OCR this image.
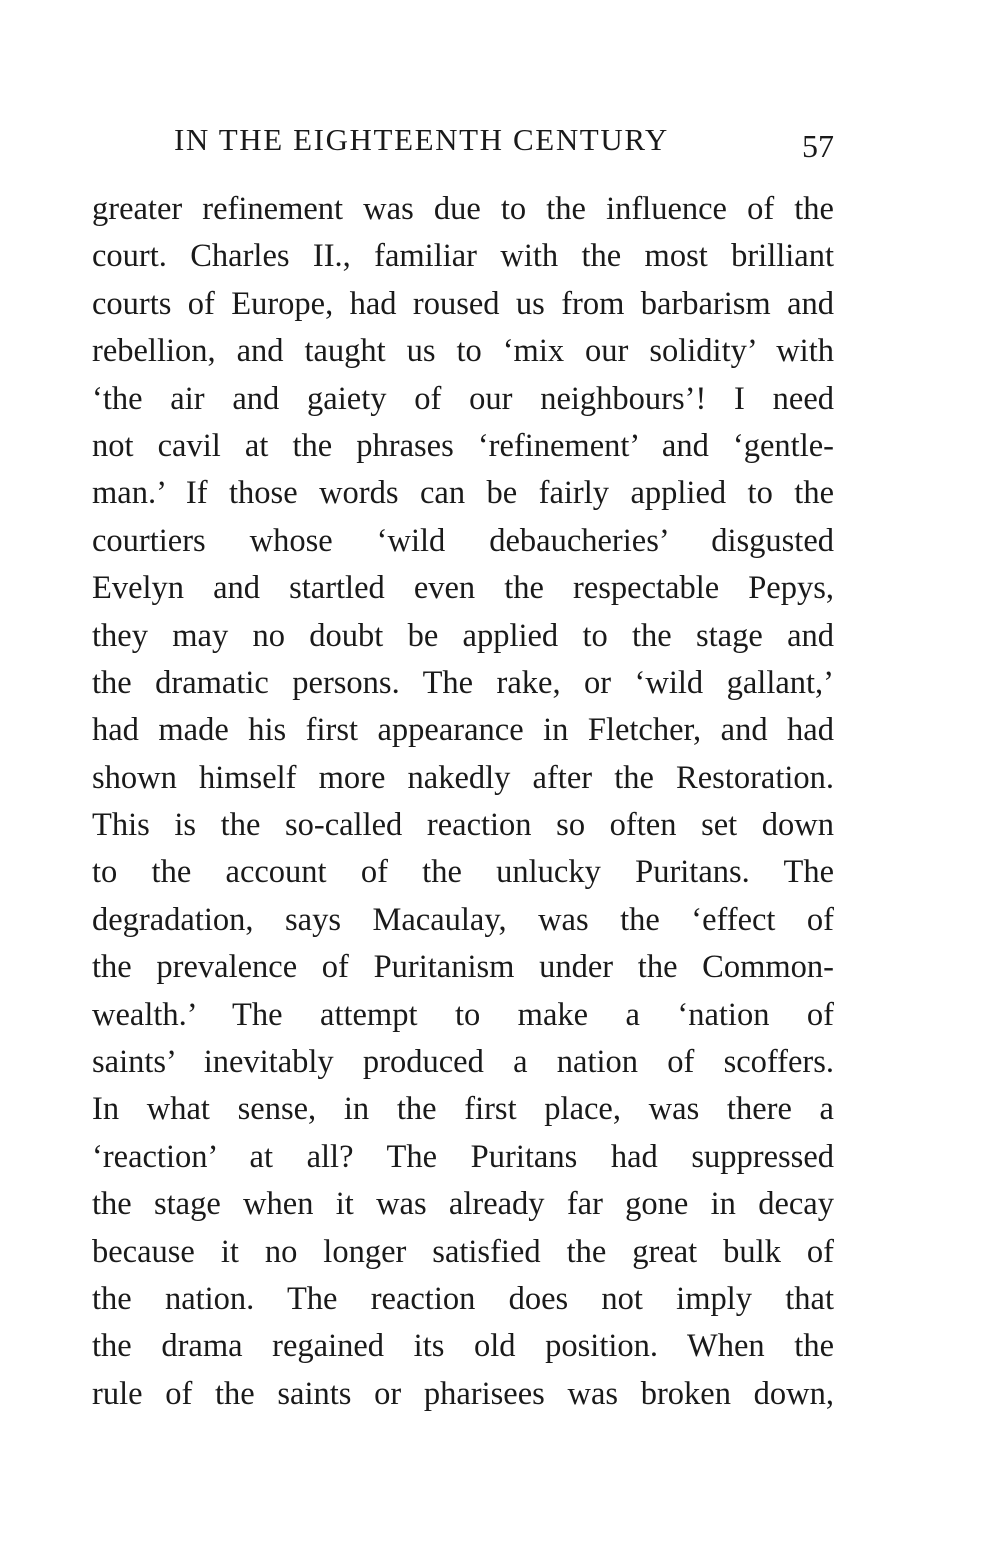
IN THE EIGHTEENTH CENTURY	57
greater refinement was due to the influence of the
court. Charles II., familiar with the most brilliant
courts of Europe, had roused us from barbarism and
rebellion, and taught us to ‘mix our solidity’ with
‘the air and gaiety of our neighbours’! I need
not cavil at the phrases ‘refinement’ and ‘gentle-
man.’ If those words can be fairly applied to the
courtiers whose ‘wild debaucheries’ disgusted
Evelyn and startled even the respectable Pepys,
they may no doubt be applied to the stage and
the dramatic persons. The rake, or ‘wild gallant,’
had made his first appearance in Fletcher, and had
shown himself more nakedly after the Restoration.
This is the so-called reaction so often set down
to the account of the unlucky Puritans. The
degradation, says Macaulay, was the ‘effect of
the prevalence of Puritanism under the Common-
wealth.’ The attempt to make a ‘nation of
saints’ inevitably produced a nation of scoffers.
In what sense, in the first place, was there a
‘reaction’ at all? The Puritans had suppressed
the stage when it was already far gone in decay
because it no longer satisfied the great bulk of
the nation. The reaction does not imply that
the drama regained its old position. When the
rule of the saints or pharisees was broken down,
